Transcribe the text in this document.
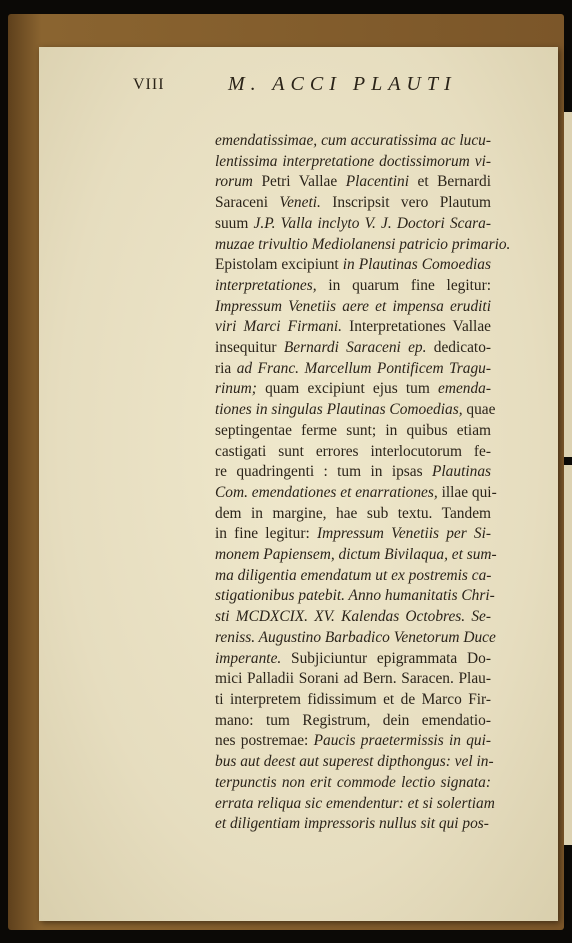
VIII	M. ACCI PLAUTI
emendatissimae, cum accuratissima ac lucu-
lentissima interpretatione doctissimorum vi-
rorum Petri Vallae Placentini et Bernardi
Saraceni Veneti. Inscripsit vero Plautum
suum J.P. Valla inclyto V. J. Doctori Scara-
muzae trivultio Mediolanensi patricio primario.
Epistolam excipiunt in Plautinas Comoedias
interpretationes, in quarum fine legitur:
Impressum Venetiis aere et impensa eruditi
viri Marci Firmani. Interpretationes Vallae
insequitur Bernardi Saraceni ep. dedicato-
ria ad Franc. Marcellum Pontificem Tragu-
rinum; quam excipiunt ejus tum emenda-
tiones in singulas Plautinas Comoedias, quae
septingentae ferme sunt; in quibus etiam
castigati sunt errores interlocutorum fe-
re quadringenti : tum in ipsas Plautinas
Com. emendationes et enarrationes, illae qui-
dem in margine, hae sub textu. Tandem
in fine legitur: Impressum Venetiis per Si-
monem Papiensem, dictum Bivilaqua, et sum-
ma diligentia emendatum ut ex postremis ca-
stigationibus patebit. Anno humanitatis Chri-
sti MCDXCIX. XV. Kalendas Octobres. Se-
reniss. Augustino Barbadico Venetorum Duce
imperante. Subjiciuntur epigrammata Do-
mici Palladii Sorani ad Bern. Saracen. Plau-
ti interpretem fidissimum et de Marco Fir-
mano: tum Registrum, dein emendatio-
nes postremae: Paucis praetermissis in qui-
bus aut deest aut superest dipthongus: vel in-
terpunctis non erit commode lectio signata:
errata reliqua sic emendentur: et si solertiam
et diligentiam impressoris nullus sit qui pos-
